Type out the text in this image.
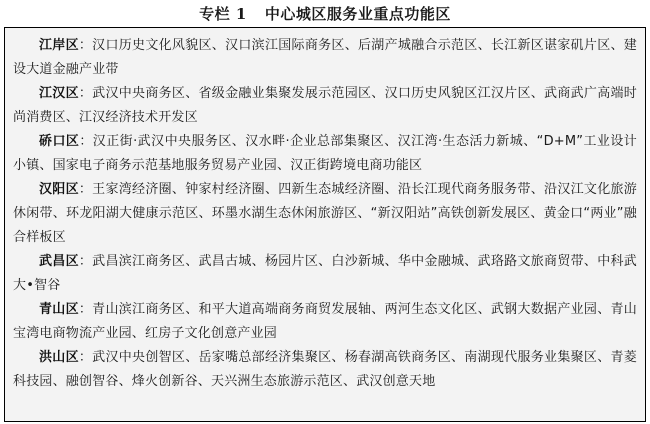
专栏 1 中心城区服务业重点功能区

江岸区：汉口历史文化风貌区、汉口滨江国际商务区、后湖产城融合示范区、长江新区谌家矶片区、建设大道金融产业带

江汉区：武汉中央商务区、省级金融业集聚发展示范园区、汉口历史风貌区江汉片区、武商武广高端时尚消费区、江汉经济技术开发区

硚口区：汉正街·武汉中央服务区、汉水畔·企业总部集聚区、汉江湾·生态活力新城、“D+M”工业设计小镇、国家电子商务示范基地服务贸易产业园、汉正街跨境电商功能区

汉阳区：王家湾经济圈、钟家村经济圈、四新生态城经济圈、沿长江现代商务服务带、沿汉江文化旅游休闲带、环龙阳湖大健康示范区、环墨水湖生态休闲旅游区、“新汉阳站”高铁创新发展区、黄金口“两业”融合样板区

武昌区：武昌滨江商务区、武昌古城、杨园片区、白沙新城、华中金融城、武珞路文旅商贸带、中科武大•智谷

青山区：青山滨江商务区、和平大道高端商务商贸发展轴、两河生态文化区、武钢大数据产业园、青山宝湾电商物流产业园、红房子文化创意产业园

洪山区：武汉中央创智区、岳家嘴总部经济集聚区、杨春湖高铁商务区、南湖现代服务业集聚区、青菱科技园、融创智谷、烽火创新谷、天兴洲生态旅游示范区、武汉创意天地
